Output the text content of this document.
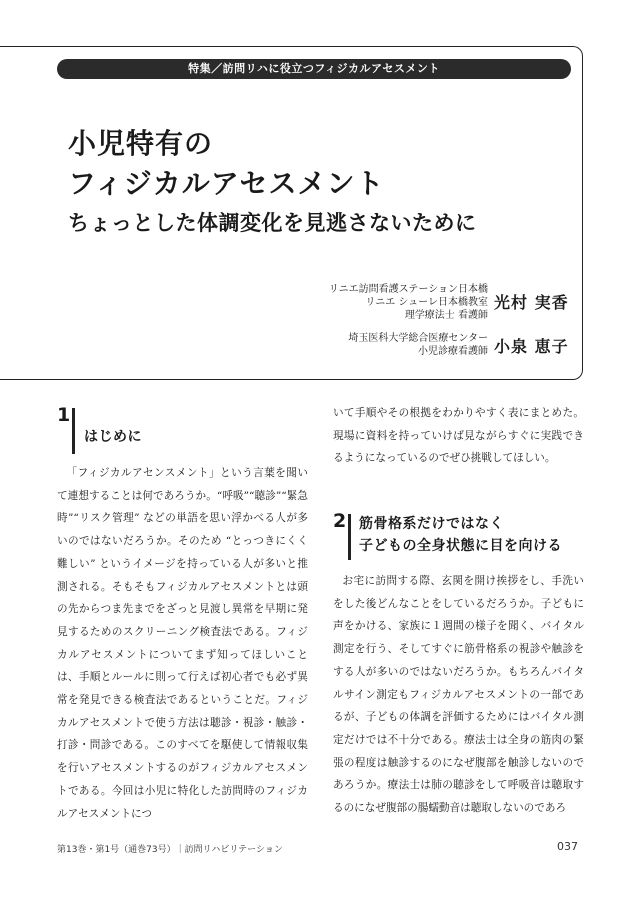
特集／訪問リハに役立つフィジカルアセスメント
小児特有の
フィジカルアセスメント
ちょっとした体調変化を見逃さないために
リニエ訪問看護ステーション日本橋
リニエ シューレ日本橋教室
理学療法士 看護師
光村 実香
埼玉医科大学総合医療センター
小児診療看護師 小泉 恵子
1
はじめに

「フィジカルアセンスメント」という言葉を聞いて連想することは何であろうか。“呼吸”“聴診”“緊急時”“リスク管理” などの単語を思い浮かべる人が多いのではないだろうか。そのため “とっつきにくく難しい” というイメージを持っている人が多いと推測される。そもそもフィジカルアセスメントとは頭の先からつま先までをざっと見渡し異常を早期に発見するためのスクリーニング検査法である。フィジカルアセスメントについてまず知ってほしいことは、手順とルールに則って行えば初心者でも必ず異常を発見できる検査法であるということだ。フィジカルアセスメントで使う方法は聴診・視診・触診・打診・問診である。このすべてを駆使して情報収集を行いアセスメントするのがフィジカルアセスメントである。今回は小児に特化した訪問時のフィジカルアセスメントにつ

いて手順やその根拠をわかりやすく表にまとめた。現場に資料を持っていけば見ながらすぐに実践できるようになっているのでぜひ挑戦してほしい。

2 筋骨格系だけではなく
子どもの全身状態に目を向ける

お宅に訪問する際、玄関を開け挨拶をし、手洗いをした後どんなことをしているだろうか。子どもに声をかける、家族に１週間の様子を聞く、バイタル測定を行う、そしてすぐに筋骨格系の視診や触診をする人が多いのではないだろうか。もちろんバイタルサイン測定もフィジカルアセスメントの一部であるが、子どもの体調を評価するためにはバイタル測定だけでは不十分である。療法士は全身の筋肉の緊張の程度は触診するのになぜ腹部を触診しないのであろうか。療法士は肺の聴診をして呼吸音は聴取するのになぜ腹部の腸蠕動音は聴取しないのであろ

第13巻・第1号（通巻73号）｜訪問リハビリテーション	037
